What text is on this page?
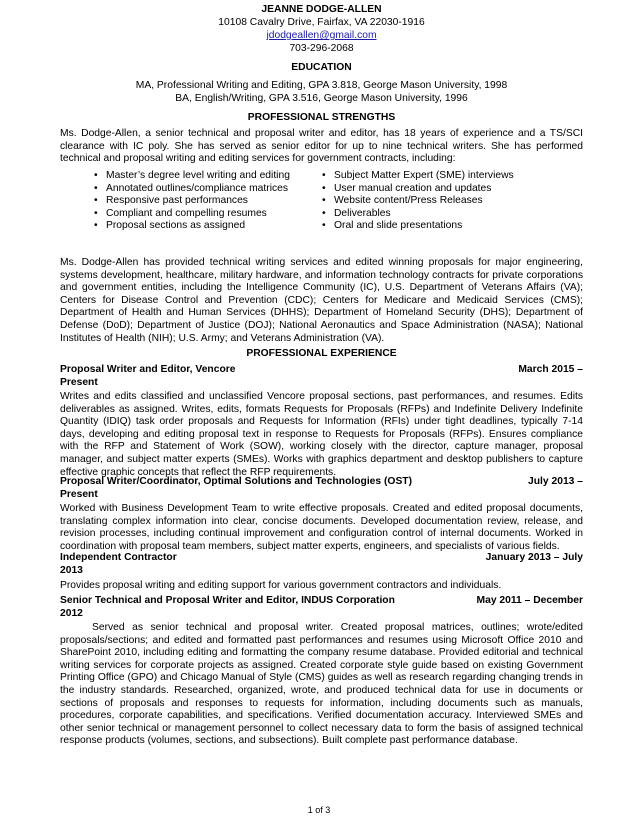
JEANNE DODGE-ALLEN
10108 Cavalry Drive, Fairfax, VA 22030-1916
jdodgeallen@gmail.com
703-296-2068
EDUCATION
MA, Professional Writing and Editing, GPA 3.818, George Mason University, 1998
BA, English/Writing, GPA 3.516, George Mason University, 1996
PROFESSIONAL STRENGTHS
Ms. Dodge-Allen, a senior technical and proposal writer and editor, has 18 years of experience and a TS/SCI clearance with IC poly. She has served as senior editor for up to nine technical writers. She has performed technical and proposal writing and editing services for government contracts, including:
• Master’s degree level writing and editing
• Annotated outlines/compliance matrices
• Responsive past performances
• Compliant and compelling resumes
• Proposal sections as assigned
• Subject Matter Expert (SME) interviews
• User manual creation and updates
• Website content/Press Releases
• Deliverables
• Oral and slide presentations
Ms. Dodge-Allen has provided technical writing services and edited winning proposals for major engineering, systems development, healthcare, military hardware, and information technology contracts for private corporations and government entities, including the Intelligence Community (IC), U.S. Department of Veterans Affairs (VA); Centers for Disease Control and Prevention (CDC); Centers for Medicare and Medicaid Services (CMS); Department of Health and Human Services (DHHS); Department of Homeland Security (DHS); Department of Defense (DoD); Department of Justice (DOJ); National Aeronautics and Space Administration (NASA); National Institutes of Health (NIH); U.S. Army; and Veterans Administration (VA).
PROFESSIONAL EXPERIENCE
Proposal Writer and Editor, Vencore	March 2015 –
Present
Writes and edits classified and unclassified Vencore proposal sections, past performances, and resumes. Edits deliverables as assigned. Writes, edits, formats Requests for Proposals (RFPs) and Indefinite Delivery Indefinite Quantity (IDIQ) task order proposals and Requests for Information (RFIs) under tight deadlines, typically 7-14 days, developing and editing proposal text in response to Requests for Proposals (RFPs). Ensures compliance with the RFP and Statement of Work (SOW), working closely with the director, capture manager, proposal manager, and subject matter experts (SMEs). Works with graphics department and desktop publishers to capture effective graphic concepts that reflect the RFP requirements.
Proposal Writer/Coordinator, Optimal Solutions and Technologies (OST)	July 2013 –
Present
Worked with Business Development Team to write effective proposals. Created and edited proposal documents, translating complex information into clear, concise documents. Developed documentation review, release, and revision processes, including continual improvement and configuration control of internal documents. Worked in coordination with proposal team members, subject matter experts, engineers, and specialists of various fields.
Independent Contractor	January 2013 – July
2013
Provides proposal writing and editing support for various government contractors and individuals.
Senior Technical and Proposal Writer and Editor, INDUS Corporation	May 2011 – December
2012
Served as senior technical and proposal writer. Created proposal matrices, outlines; wrote/edited proposals/sections; and edited and formatted past performances and resumes using Microsoft Office 2010 and SharePoint 2010, including editing and formatting the company resume database. Provided editorial and technical writing services for corporate projects as assigned. Created corporate style guide based on existing Government Printing Office (GPO) and Chicago Manual of Style (CMS) guides as well as research regarding changing trends in the industry standards. Researched, organized, wrote, and produced technical data for use in documents or sections of proposals and responses to requests for information, including documents such as manuals, procedures, corporate capabilities, and specifications. Verified documentation accuracy. Interviewed SMEs and other senior technical or management personnel to collect necessary data to form the basis of assigned technical response products (volumes, sections, and subsections). Built complete past performance database.
1 of 3
